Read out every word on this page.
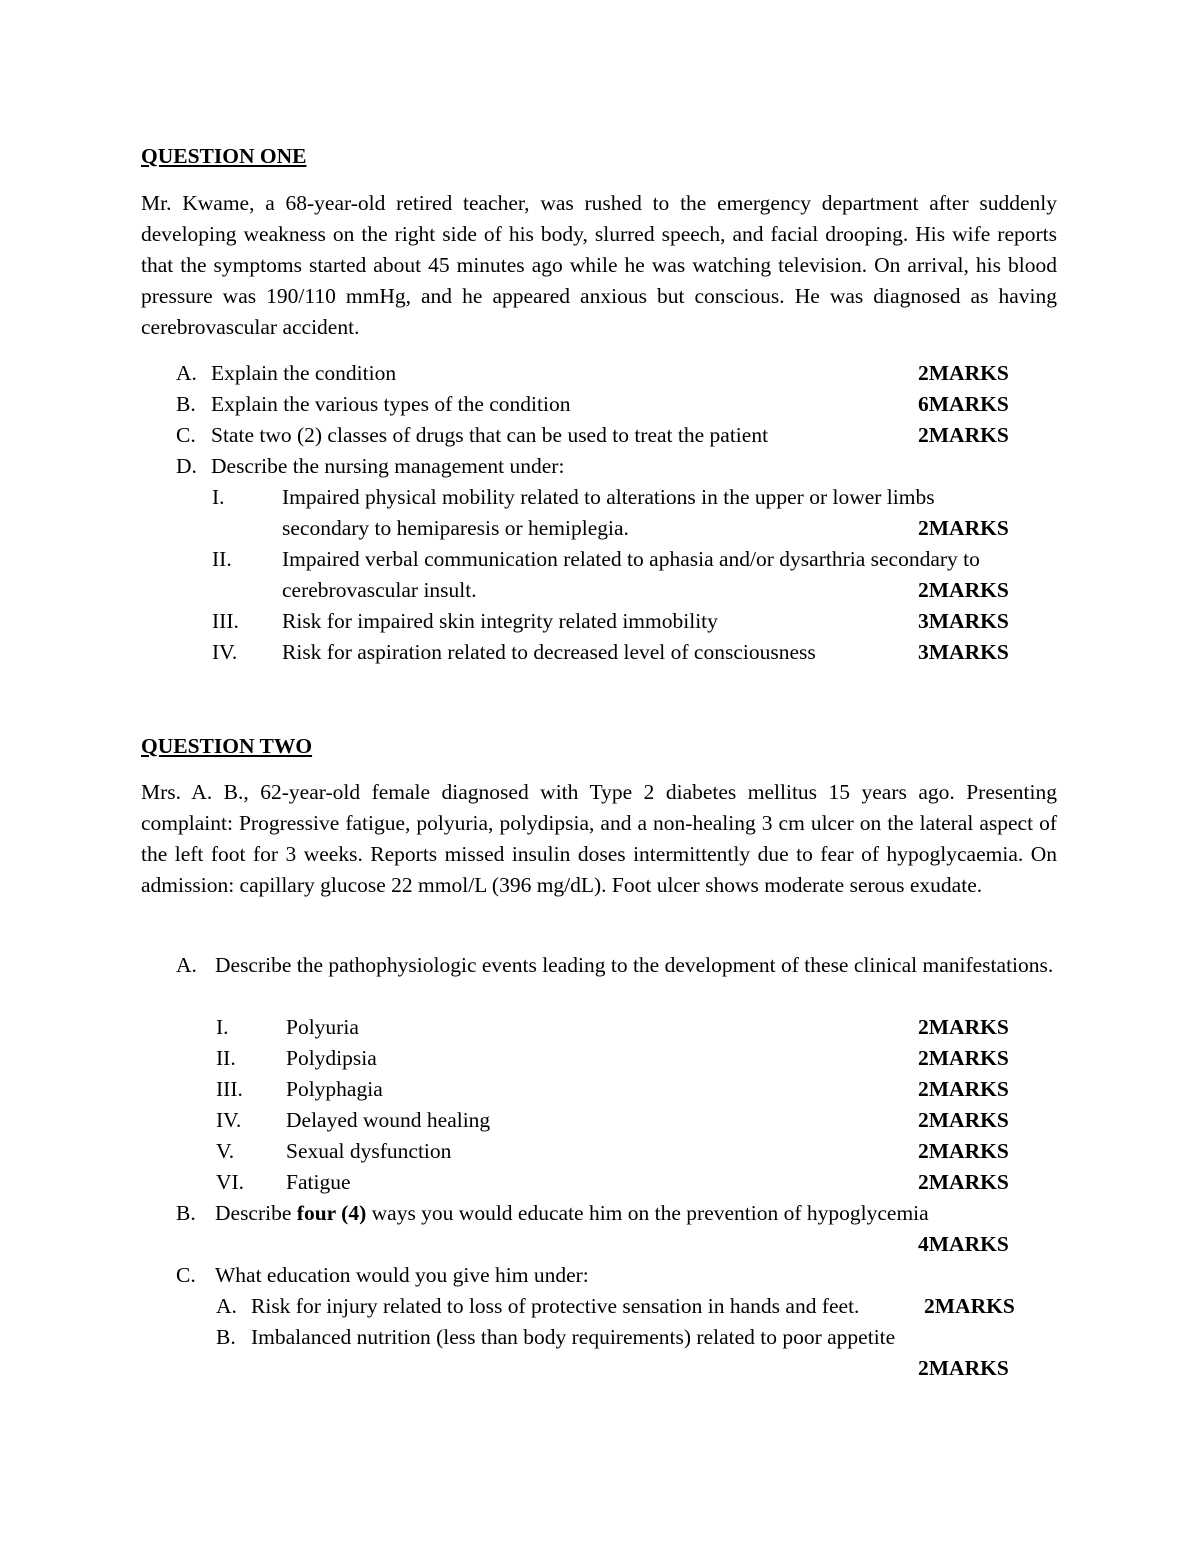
QUESTION ONE
Mr. Kwame, a 68-year-old retired teacher, was rushed to the emergency department after suddenly developing weakness on the right side of his body, slurred speech, and facial drooping. His wife reports that the symptoms started about 45 minutes ago while he was watching television. On arrival, his blood pressure was 190/110 mmHg, and he appeared anxious but conscious. He was diagnosed as having cerebrovascular accident.
A. Explain the condition	2MARKS
B. Explain the various types of the condition	6MARKS
C. State two (2) classes of drugs that can be used to treat the patient	2MARKS
D. Describe the nursing management under:
I.	Impaired physical mobility related to alterations in the upper or lower limbs
secondary to hemiparesis or hemiplegia.	2MARKS
II. Impaired verbal communication related to aphasia and/or dysarthria secondary to
cerebrovascular insult.	2MARKS
III. Risk for impaired skin integrity related immobility	3MARKS
IV. Risk for aspiration related to decreased level of consciousness	3MARKS
QUESTION TWO
Mrs. A. B., 62-year-old female diagnosed with Type 2 diabetes mellitus 15 years ago. Presenting complaint: Progressive fatigue, polyuria, polydipsia, and a non-healing 3 cm ulcer on the lateral aspect of the left foot for 3 weeks. Reports missed insulin doses intermittently due to fear of hypoglycaemia. On admission: capillary glucose 22 mmol/L (396 mg/dL). Foot ulcer shows moderate serous exudate.
A. Describe the pathophysiologic events leading to the development of these clinical manifestations.
I.	Polyuria	2MARKS
II. Polydipsia	2MARKS
III. Polyphagia	2MARKS
IV. Delayed wound healing	2MARKS
V. Sexual dysfunction	2MARKS
VI. Fatigue	2MARKS
B. Describe four (4) ways you would educate him on the prevention of hypoglycemia
4MARKS
C. What education would you give him under:
A. Risk for injury related to loss of protective sensation in hands and feet.	2MARKS
B. Imbalanced nutrition (less than body requirements) related to poor appetite
2MARKS
